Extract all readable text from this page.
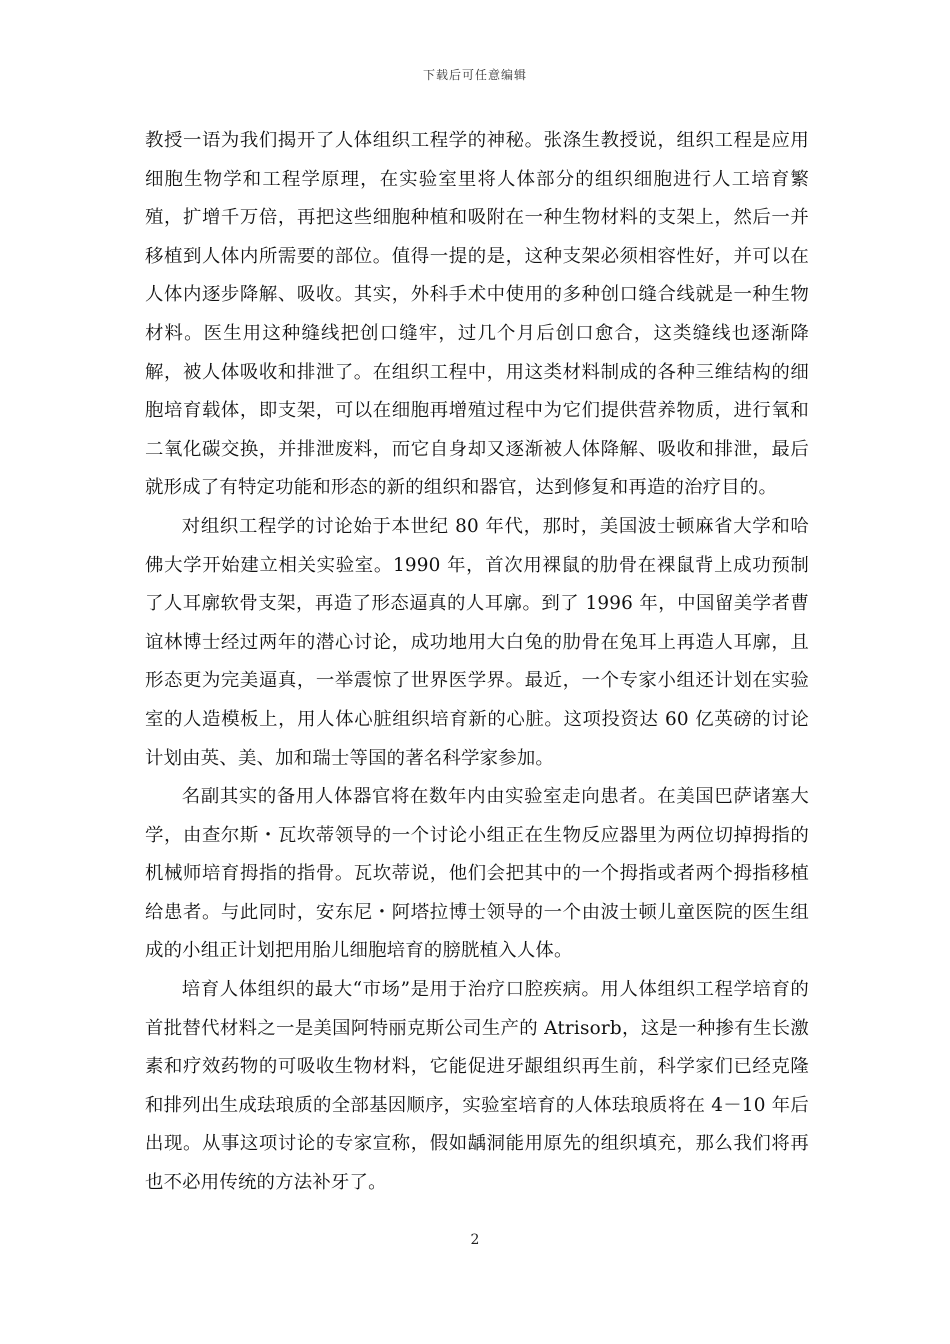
下载后可任意编辑

教授一语为我们揭开了人体组织工程学的神秘。张涤生教授说，组织工程是应用细胞生物学和工程学原理，在实验室里将人体部分的组织细胞进行人工培育繁殖，扩增千万倍，再把这些细胞种植和吸附在一种生物材料的支架上，然后一并移植到人体内所需要的部位。值得一提的是，这种支架必须相容性好，并可以在人体内逐步降解、吸收。其实，外科手术中使用的多种创口缝合线就是一种生物材料。医生用这种缝线把创口缝牢，过几个月后创口愈合，这类缝线也逐渐降解，被人体吸收和排泄了。在组织工程中，用这类材料制成的各种三维结构的细胞培育载体，即支架，可以在细胞再增殖过程中为它们提供营养物质，进行氧和二氧化碳交换，并排泄废料，而它自身却又逐渐被人体降解、吸收和排泄，最后就形成了有特定功能和形态的新的组织和器官，达到修复和再造的治疗目的。

对组织工程学的讨论始于本世纪 80 年代，那时，美国波士顿麻省大学和哈佛大学开始建立相关实验室。1990 年，首次用裸鼠的肋骨在裸鼠背上成功预制了人耳廓软骨支架，再造了形态逼真的人耳廓。到了 1996 年，中国留美学者曹谊林博士经过两年的潜心讨论，成功地用大白兔的肋骨在兔耳上再造人耳廓，且形态更为完美逼真，一举震惊了世界医学界。最近，一个专家小组还计划在实验室的人造模板上，用人体心脏组织培育新的心脏。这项投资达 60 亿英磅的讨论计划由英、美、加和瑞士等国的著名科学家参加。

名副其实的备用人体器官将在数年内由实验室走向患者。在美国巴萨诸塞大学，由查尔斯・瓦坎蒂领导的一个讨论小组正在生物反应器里为两位切掉拇指的机械师培育拇指的指骨。瓦坎蒂说，他们会把其中的一个拇指或者两个拇指移植给患者。与此同时，安东尼・阿塔拉博士领导的一个由波士顿儿童医院的医生组成的小组正计划把用胎儿细胞培育的膀胱植入人体。

培育人体组织的最大“市场”是用于治疗口腔疾病。用人体组织工程学培育的首批替代材料之一是美国阿特丽克斯公司生产的 Atrisorb，这是一种掺有生长激素和疗效药物的可吸收生物材料，它能促进牙龈组织再生前，科学家们已经克隆和排列出生成珐琅质的全部基因顺序，实验室培育的人体珐琅质将在 4－10 年后出现。从事这项讨论的专家宣称，假如龋洞能用原先的组织填充，那么我们将再也不必用传统的方法补牙了。

2
